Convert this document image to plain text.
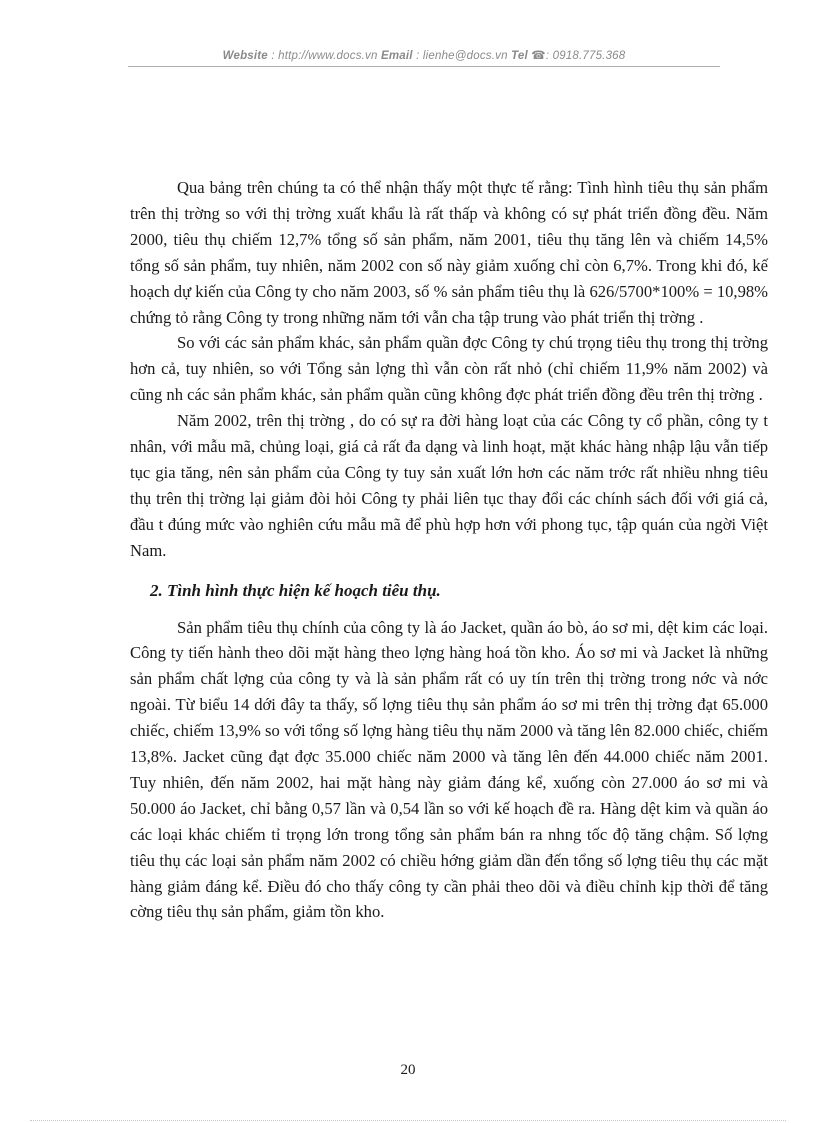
Website : http://www.docs.vn Email : lienhe@docs.vn Tel ☎: 0918.775.368

Qua bảng trên chúng ta có thể nhận thấy một thực tế rằng: Tình hình tiêu thụ sản phẩm trên thị trờng so với thị trờng xuất khẩu là rất thấp và không có sự phát triển đồng đều. Năm 2000, tiêu thụ chiếm 12,7% tổng số sản phẩm, năm 2001, tiêu thụ tăng lên và chiếm 14,5% tổng số sản phẩm, tuy nhiên, năm 2002 con số này giảm xuống chỉ còn 6,7%. Trong khi đó, kế hoạch dự kiến của Công ty cho năm 2003, số % sản phẩm tiêu thụ là 626/5700*100% = 10,98% chứng tỏ rằng Công ty trong những năm tới vẫn cha tập trung vào phát triển thị trờng .

So với các sản phẩm khác, sản phẩm quần đợc Công ty chú trọng tiêu thụ trong thị trờng hơn cả, tuy nhiên, so với Tổng sản lợng thì vẫn còn rất nhỏ (chỉ chiếm 11,9% năm 2002) và cũng nh các sản phẩm khác, sản phẩm quần cũng không đợc phát triển đồng đều trên thị trờng .

Năm 2002, trên thị trờng , do có sự ra đời hàng loạt của các Công ty cổ phần, công ty t nhân, với mẫu mã, chủng loại, giá cả rất đa dạng và linh hoạt, mặt khác hàng nhập lậu vẫn tiếp tục gia tăng, nên sản phẩm của Công ty tuy sản xuất lớn hơn các năm trớc rất nhiều nhng tiêu thụ trên thị trờng lại giảm đòi hỏi Công ty phải liên tục thay đổi các chính sách đối với giá cả, đầu t đúng mức vào nghiên cứu mẫu mã để phù hợp hơn với phong tục, tập quán của ngời Việt Nam.

2. Tình hình thực hiện kế hoạch tiêu thụ.

Sản phẩm tiêu thụ chính của công ty là áo Jacket, quần áo bò, áo sơ mi, dệt kim các loại. Công ty tiến hành theo dõi mặt hàng theo lợng hàng hoá tồn kho. Áo sơ mi và Jacket là những sản phẩm chất lợng của công ty và là sản phẩm rất có uy tín trên thị trờng trong nớc và nớc ngoài. Từ biểu 14 dới đây ta thấy, số lợng tiêu thụ sản phẩm áo sơ mi trên thị trờng đạt 65.000 chiếc, chiếm 13,9% so với tổng số lợng hàng tiêu thụ năm 2000 và tăng lên 82.000 chiếc, chiếm 13,8%. Jacket cũng đạt đợc 35.000 chiếc năm 2000 và tăng lên đến 44.000 chiếc năm 2001. Tuy nhiên, đến năm 2002, hai mặt hàng này giảm đáng kể, xuống còn 27.000 áo sơ mi và 50.000 áo Jacket, chỉ bằng 0,57 lần và 0,54 lần so với kế hoạch đề ra. Hàng dệt kim và quần áo các loại khác chiếm tỉ trọng lớn trong tổng sản phẩm bán ra nhng tốc độ tăng chậm. Số lợng tiêu thụ các loại sản phẩm năm 2002 có chiều hớng giảm dần đến tổng số lợng tiêu thụ các mặt hàng giảm đáng kể. Điều đó cho thấy công ty cần phải theo dõi và điều chỉnh kịp thời để tăng cờng tiêu thụ sản phẩm, giảm tồn kho.

20
